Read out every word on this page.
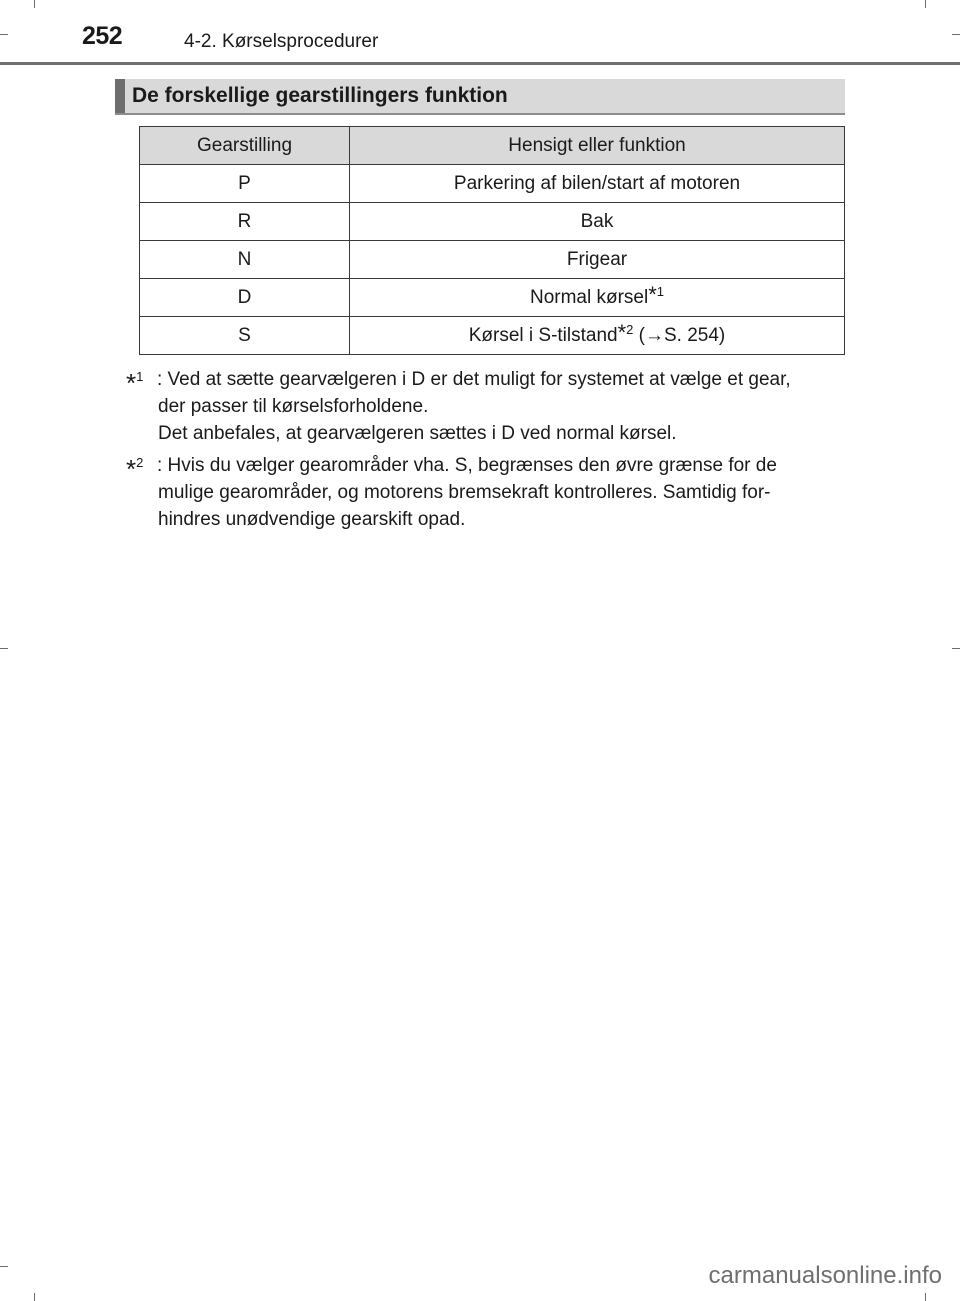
252	4-2. Kørselsprocedurer
De forskellige gearstillingers funktion
Gearstilling	Hensigt eller funktion
P	Parkering af bilen/start af motoren
R	Bak
N	Frigear
D	Normal kørsel$^{*1}$
S	Kørsel i S-tilstand$^{*2}$ (→S. 254)
*$^1$ : Ved at sætte gearvælgeren i D er det muligt for systemet at vælge et gear,
der passer til kørselsforholdene.
Det anbefales, at gearvælgeren sættes i D ved normal kørsel.
*$^2$ : Hvis du vælger gearområder vha. S, begrænses den øvre grænse for de
mulige gearområder, og motorens bremsekraft kontrolleres. Samtidig for-
hindres unødvendige gearskift opad.
carmanualsonline.info
